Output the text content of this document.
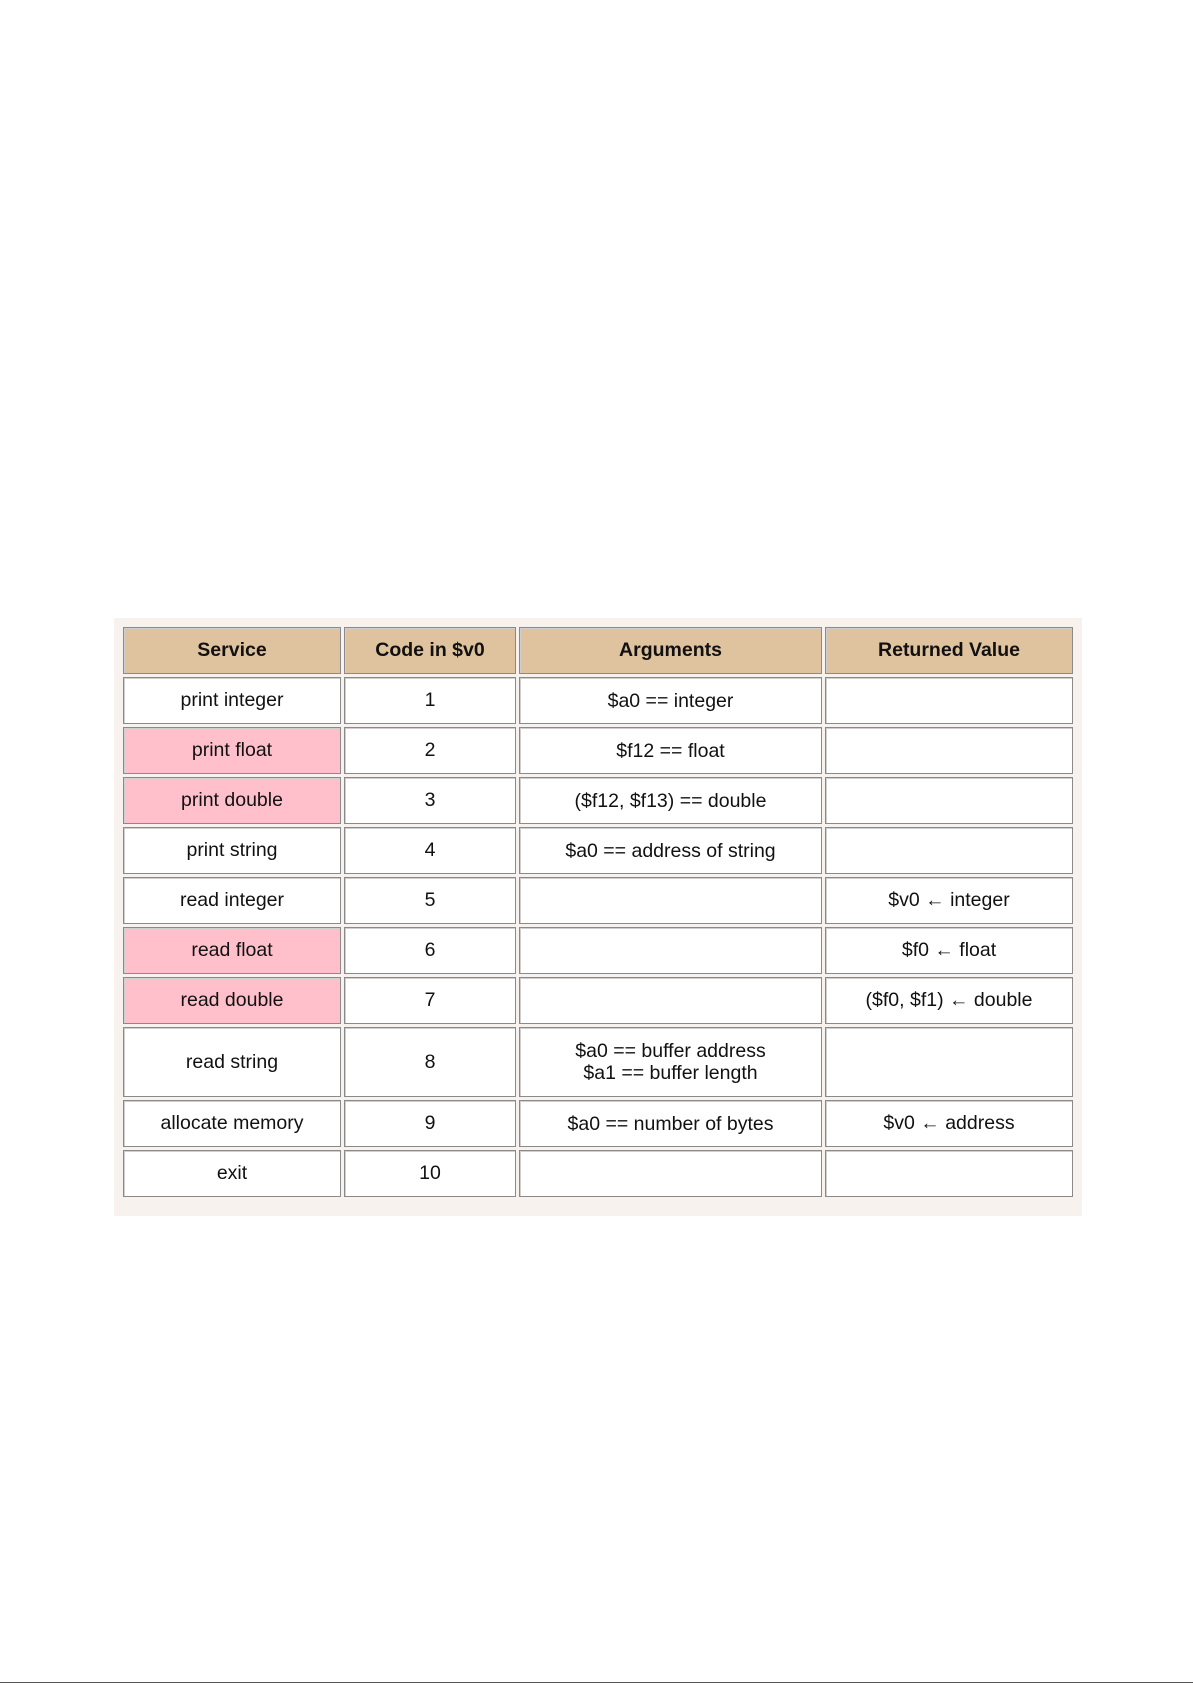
Service	Code in $v0	Arguments	Returned Value
print integer	1	$a0 == integer	

print float	2	$f12 == float	

print double	3	($f12, $f13) == double	

print string	4	$a0 == address of string	

read integer	5		$v0 ← integer
read float	6		$f0 ← float
read double	7		($f0, $f1) ← double
read string	8	$a0 == buffer address
$a1 == buffer length	

allocate memory	9	$a0 == number of bytes	$v0 ← address
exit	10	
